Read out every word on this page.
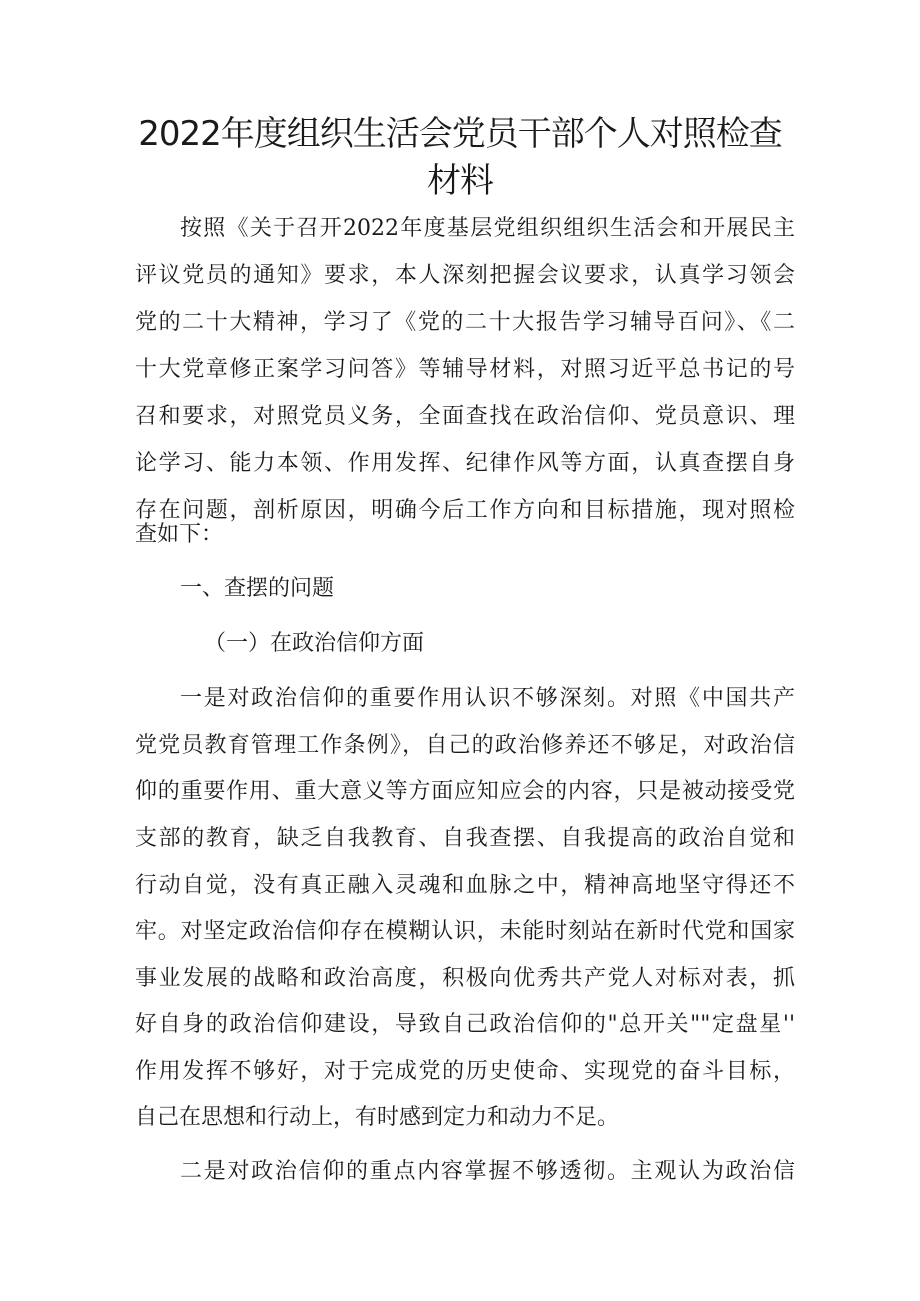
2022年度组织生活会党员干部个人对照检查
材料

按照《关于召开2022年度基层党组织组织生活会和开展民主

评议党员的通知》要求，本人深刻把握会议要求，认真学习领会

党的二十大精神，学习了《党的二十大报告学习辅导百问》、《二

十大党章修正案学习问答》等辅导材料，对照习近平总书记的号

召和要求，对照党员义务，全面查找在政治信仰、党员意识、理

论学习、能力本领、作用发挥、纪律作风等方面，认真查摆自身

存在问题，剖析原因，明确今后工作方向和目标措施，现对照检

查如下：

一、查摆的问题

（一）在政治信仰方面

一是对政治信仰的重要作用认识不够深刻。对照《中国共产

党党员教育管理工作条例》，自己的政治修养还不够足，对政治信

仰的重要作用、重大意义等方面应知应会的内容，只是被动接受党

支部的教育，缺乏自我教育、自我查摆、自我提高的政治自觉和

行动自觉，没有真正融入灵魂和血脉之中，精神高地坚守得还不

牢。对坚定政治信仰存在模糊认识，未能时刻站在新时代党和国家

事业发展的战略和政治高度，积极向优秀共产党人对标对表，抓

好自身的政治信仰建设，导致自己政治信仰的"总开关""定盘星''

作用发挥不够好，对于完成党的历史使命、实现党的奋斗目标，

自己在思想和行动上，有时感到定力和动力不足。

二是对政治信仰的重点内容掌握不够透彻。主观认为政治信
